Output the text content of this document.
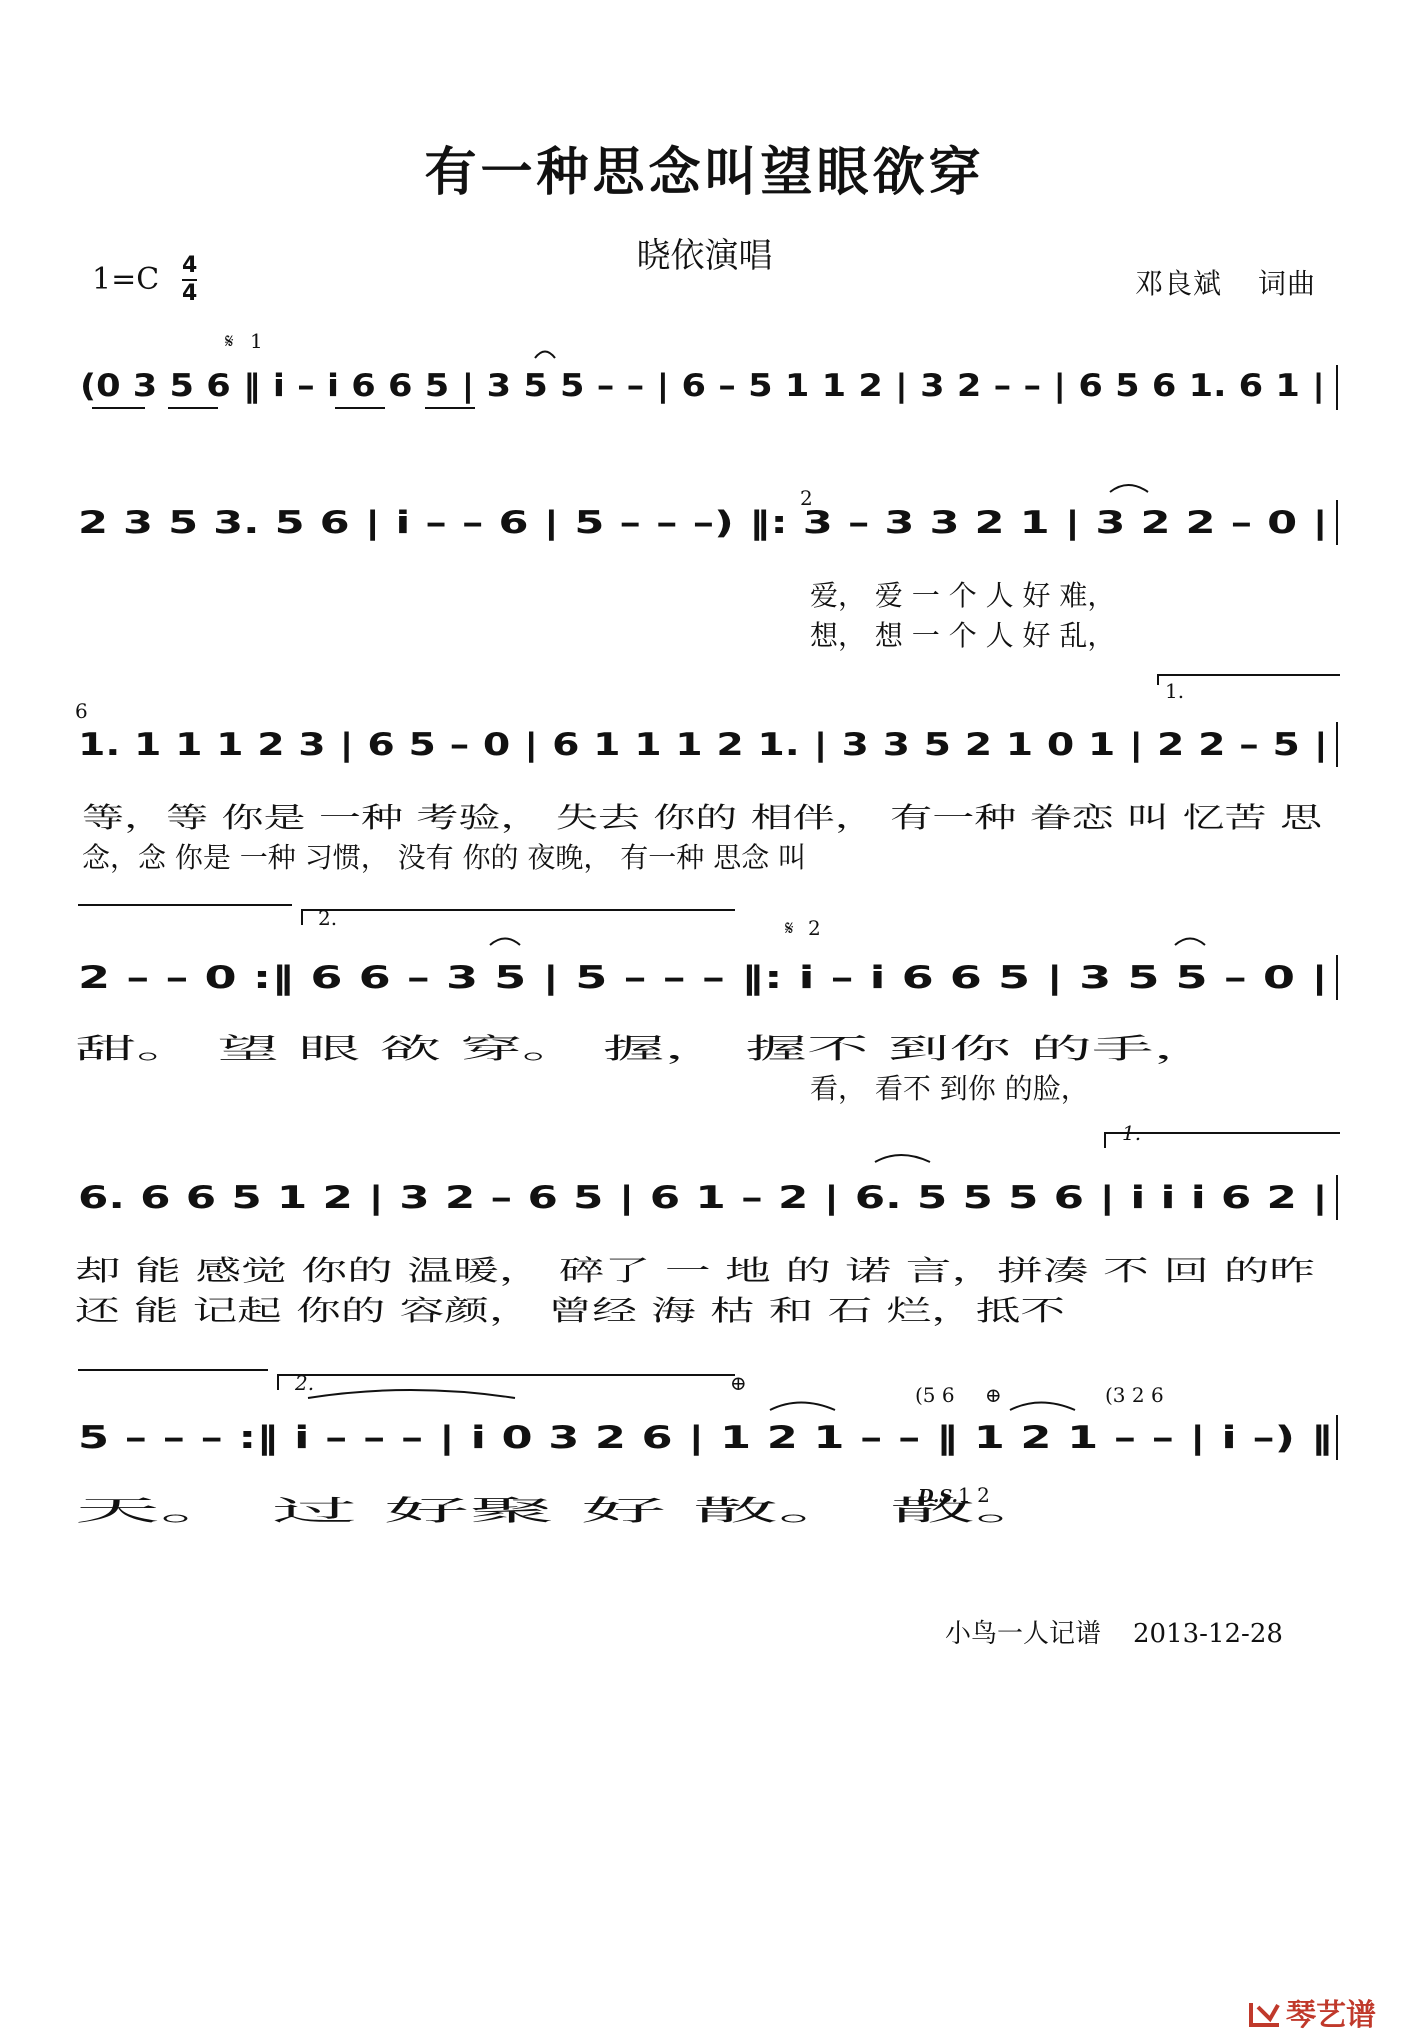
有一种思念叫望眼欲穿
晓依演唱
1=C 4
4	邓良斌 词曲
(0 3 5 6 ‖ i – i 6 6 5 | 3 5 5 – – | 6 – 5 1 1 2 | 3 2 – – | 6 5 6 1. 6 1 |
𝄋 1
2 3 5 3. 5 6 | i – – 6 | 5 – – –) ‖: 3 – 3 3 2 1 | 3 2 2 – 0 |
2
爱， 爱 一 个 人 好 难，
想， 想 一 个 人 好 乱，
1.
6
1. 1 1 1 2 3 | 6 5 – 0 | 6 1 1 1 2 1. | 3 3 5 2 1 0 1 | 2 2 – 5 |
等，等 你是 一种 考验， 失去 你的 相伴， 有一种 眷恋 叫 忆苦 思
念，念 你是 一种 习惯， 没有 你的 夜晚， 有一种 思念 叫
2.	𝄋 2
2 – – 0 :‖ 6 6 – 3 5 | 5 – – – ‖: i – i 6 6 5 | 3 5 5 – 0 |
甜。 望 眼 欲 穿。 握， 握不 到你 的手，
看， 看不 到你 的脸，
1.
6. 6 6 5 1 2 | 3 2 – 6 5 | 6 1 – 2 | 6. 5 5 5 6 | i i i 6 2 |
却 能 感觉 你的 温暖， 碎了 一 地 的 诺 言，拼凑 不 回 的昨
还 能 记起 你的 容颜， 曾经 海 枯 和 石 烂，抵不
2.	⊕	(5 6 ⊕	(3 2 6
5 – – – :‖ i – – – | i 0 3 2 6 | 1 2 1 – – ‖ 1 2 1 – – | i –) ‖
D.S. 1 2
天。 过 好聚 好 散。 散。
小鸟一人记谱 2013-12-28
琴艺谱
